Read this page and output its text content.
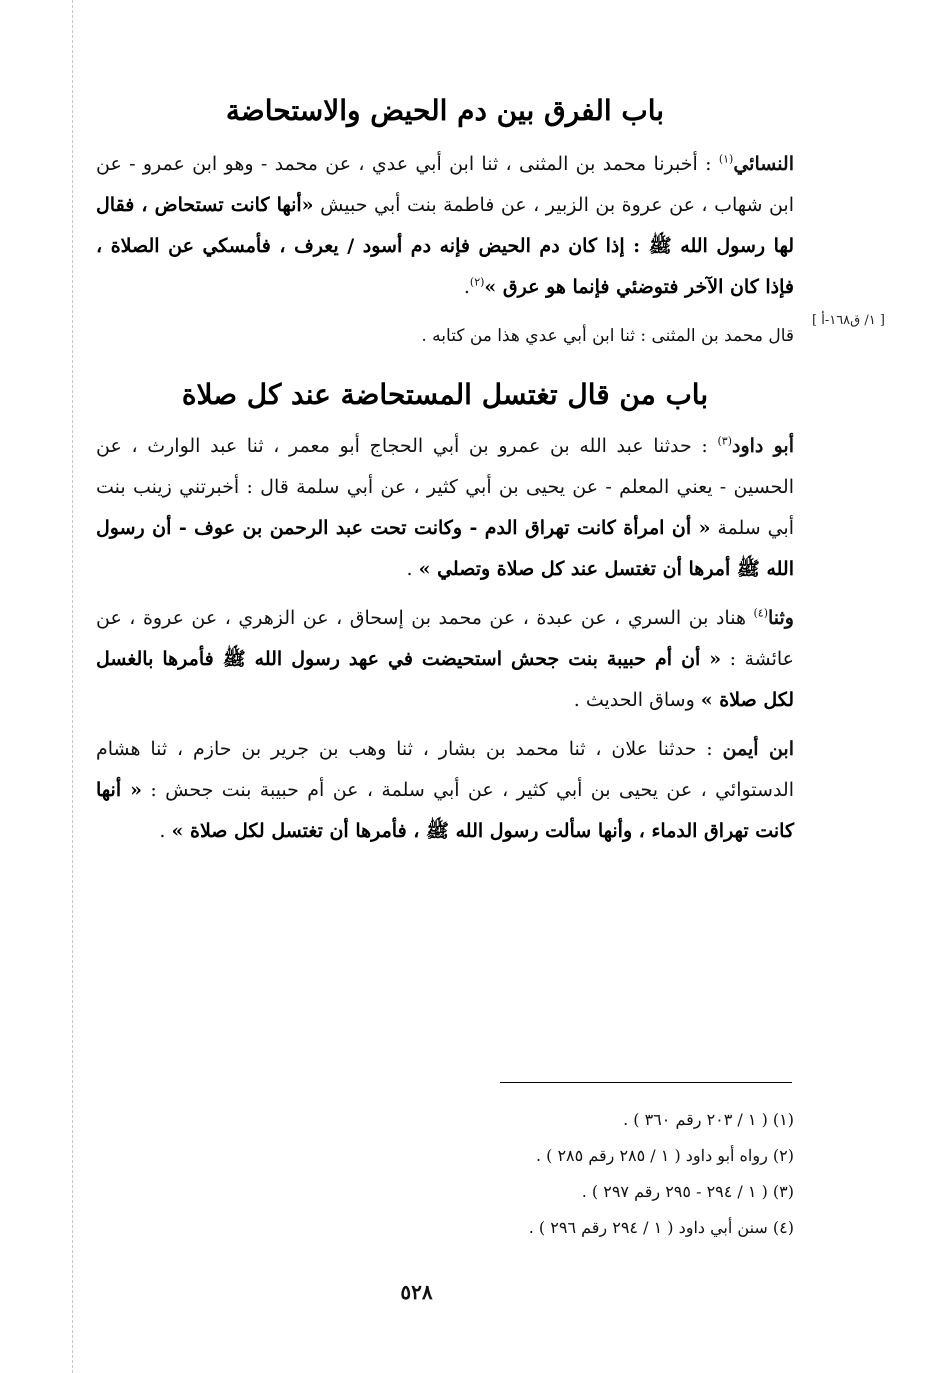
باب الفرق بين دم الحيض والاستحاضة

النسائي$^{(١)}$ : أخبرنا محمد بن المثنى ، ثنا ابن أبي عدي ، عن محمد - وهو ابن عمرو - عن ابن شهاب ، عن عروة بن الزبير ، عن فاطمة بنت أبي حبيش «أنها كانت تستحاض ، فقال لها رسول الله ﷺ : إذا كان دم الحيض فإنه دم أسود / يعرف ، فأمسكي عن الصلاة ، فإذا كان الآخر فتوضئي فإنما هو عرق »$^{(٢)}$.

قال محمد بن المثنى : ثنا ابن أبي عدي هذا من كتابه .

باب من قال تغتسل المستحاضة عند كل صلاة

أبو داود$^{(٣)}$ : حدثنا عبد الله بن عمرو بن أبي الحجاج أبو معمر ، ثنا عبد الوارث ، عن الحسين - يعني المعلم - عن يحيى بن أبي كثير ، عن أبي سلمة قال : أخبرتني زينب بنت أبي سلمة « أن امرأة كانت تهراق الدم - وكانت تحت عبد الرحمن بن عوف - أن رسول الله ﷺ أمرها أن تغتسل عند كل صلاة وتصلي » .

وثنا$^{(٤)}$ هناد بن السري ، عن عبدة ، عن محمد بن إسحاق ، عن الزهري ، عن عروة ، عن عائشة : « أن أم حبيبة بنت جحش استحيضت في عهد رسول الله ﷺ فأمرها بالغسل لكل صلاة » وساق الحديث .

ابن أيمن : حدثنا علان ، ثنا محمد بن بشار ، ثنا وهب بن جرير بن حازم ، ثنا هشام الدستوائي ، عن يحيى بن أبي كثير ، عن أبي سلمة ، عن أم حبيبة بنت جحش : « أنها كانت تهراق الدماء ، وأنها سألت رسول الله ﷺ ، فأمرها أن تغتسل لكل صلاة » .

[ ١/ ق١٦٨-أ ]
(١) ( ١ / ٢٠٣ رقم ٣٦٠ ) .
(٢) رواه أبو داود ( ١ / ٢٨٥ رقم ٢٨٥ ) .
(٣) ( ١ / ٢٩٤ - ٢٩٥ رقم ٢٩٧ ) .
(٤) سنن أبي داود ( ١ / ٢٩٤ رقم ٢٩٦ ) .
٥٢٨
